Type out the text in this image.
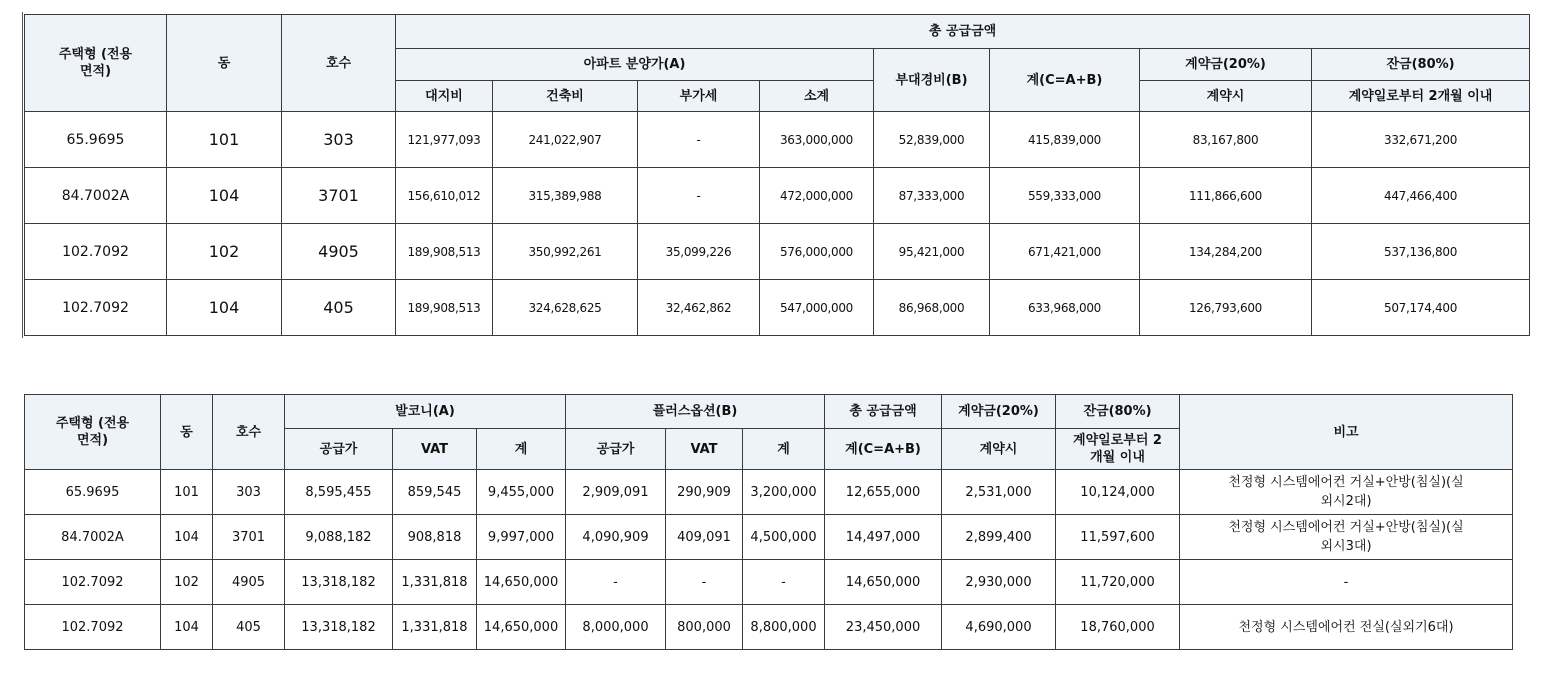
주택형 (전용면적)	동	호수	총 공급금액							
			아파트 분양가(A)				부대경비(B)	계(C=A+B)	계약금(20%)	잔금(80%)
			대지비	건축비	부가세	소계			계약시	계약일로부터 2개월 이내
65.9695	101	303	121,977,093	241,022,907	-	363,000,000	52,839,000	415,839,000	83,167,800	332,671,200
84.7002A	104	3701	156,610,012	315,389,988	-	472,000,000	87,333,000	559,333,000	111,866,600	447,466,400
102.7092	102	4905	189,908,513	350,992,261	35,099,226	576,000,000	95,421,000	671,421,000	134,284,200	537,136,800
102.7092	104	405	189,908,513	324,628,625	32,462,862	547,000,000	86,968,000	633,968,000	126,793,600	507,174,400
주택형 (전용면적)	동	호수	발코니(A)			플러스옵션(B)			총 공급금액	계약금(20%)	잔금(80%)	비고
			공급가	VAT	계	공급가	VAT	계	계(C=A+B)	계약시	계약일로부터 2개월 이내	
65.9695	101	303	8,595,455	859,545	9,455,000	2,909,091	290,909	3,200,000	12,655,000	2,531,000	10,124,000	천정형 시스템에어컨 거실+안방(침실)(실외시2대)
84.7002A	104	3701	9,088,182	908,818	9,997,000	4,090,909	409,091	4,500,000	14,497,000	2,899,400	11,597,600	천정형 시스템에어컨 거실+안방(침실)(실외시3대)
102.7092	102	4905	13,318,182	1,331,818	14,650,000	-	-	-	14,650,000	2,930,000	11,720,000	-
102.7092	104	405	13,318,182	1,331,818	14,650,000	8,000,000	800,000	8,800,000	23,450,000	4,690,000	18,760,000	천정형 시스템에어컨 전실(실외기6대)
